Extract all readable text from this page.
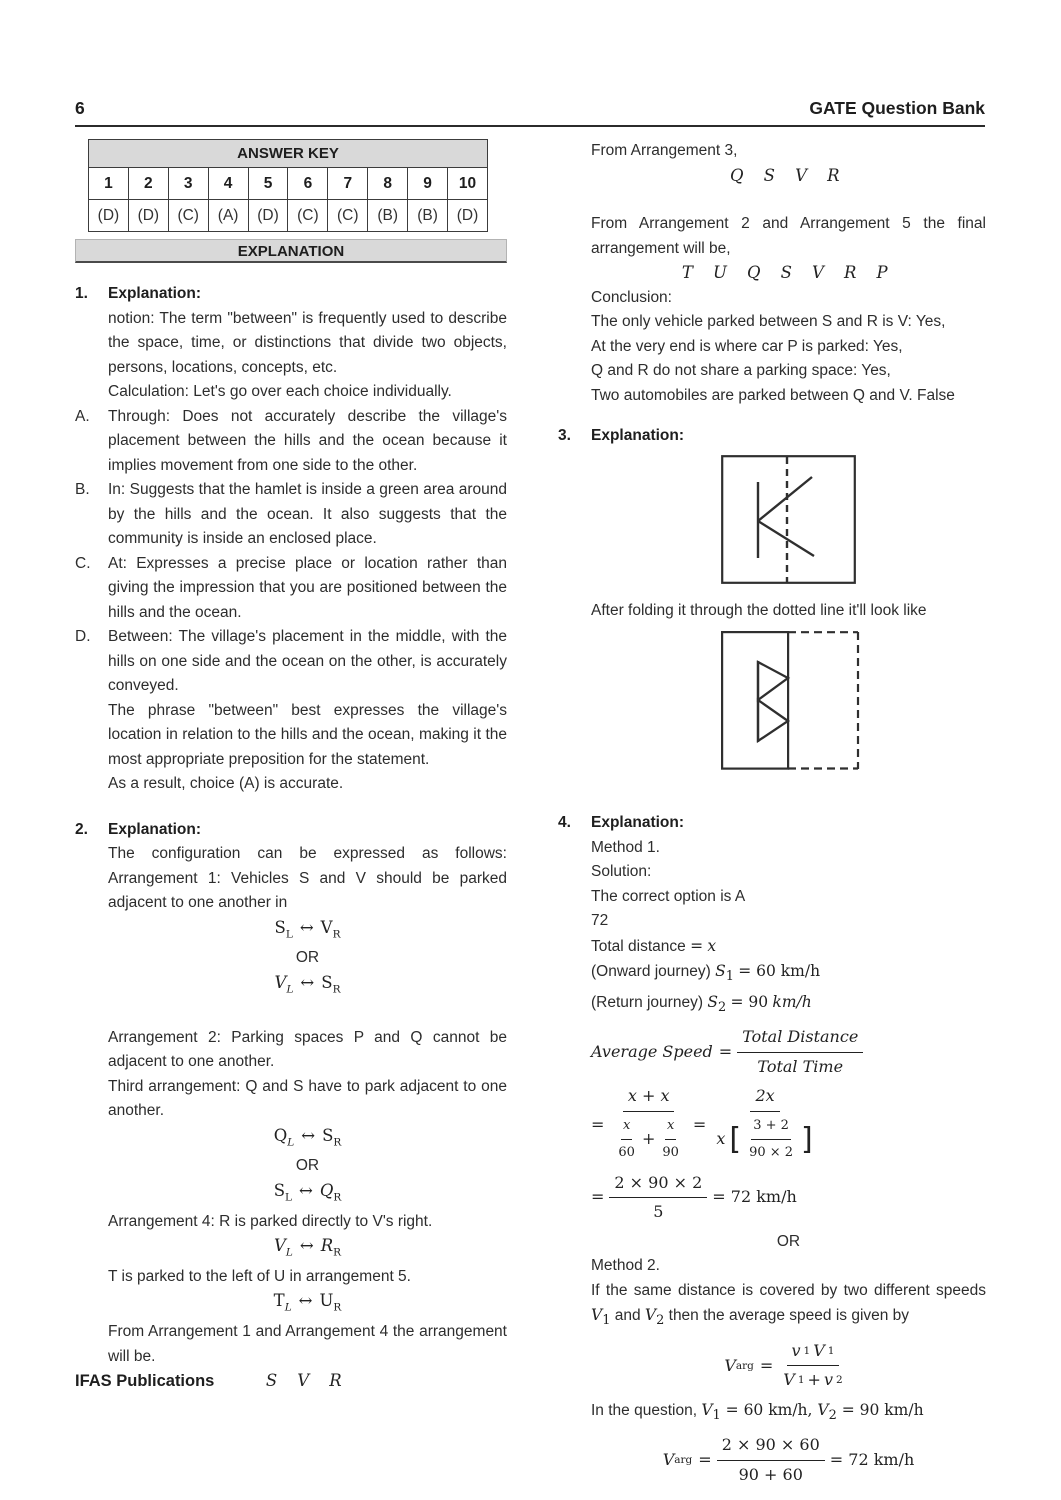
6	GATE Question Bank
ANSWER KEY									
1	2	3	4	5	6	7	8	9	10
(D)	(D)	(C)	(A)	(D)	(C)	(C)	(B)	(B)	(D)
EXPLANATION
1.	Explanation:
notion: The term "between" is frequently used to describe the space, time, or distinctions that divide two objects, persons, locations, concepts, etc.
Calculation: Let's go over each choice individually.
A.	Through: Does not accurately describe the village's placement between the hills and the ocean because it implies movement from one side to the other.
B.	In: Suggests that the hamlet is inside a green area around by the hills and the ocean. It also suggests that the community is inside an enclosed place.
C.	At: Expresses a precise place or location rather than giving the impression that you are positioned between the hills and the ocean.
D.	Between: The village's placement in the middle, with the hills on one side and the ocean on the other, is accurately conveyed.
The phrase "between" best expresses the village's location in relation to the hills and the ocean, making it the most appropriate preposition for the statement.
As a result, choice (A) is accurate.
2.	Explanation:
The configuration can be expressed as follows: Arrangement 1: Vehicles S and V should be parked adjacent to one another in
$S_L$ ↔ $V_R$
OR
$V_L$ ↔ $S_R$
Arrangement 2: Parking spaces P and Q cannot be adjacent to one another.
Third arrangement: Q and S have to park adjacent to one another.
$Q_L$ ↔ $S_R$
OR
$S_L$ ↔ $Q_R$
Arrangement 4: R is parked directly to V's right.
$V_L$ ↔ $R_R$
T is parked to the left of U in arrangement 5.
$T_L$ ↔ $U_R$
From Arrangement 1 and Arrangement 4 the arrangement will be.
S V R
From Arrangement 3,
Q S V R
From Arrangement 2 and Arrangement 5 the final arrangement will be,
T U Q S V R P
Conclusion:
The only vehicle parked between S and R is V: Yes,
At the very end is where car P is parked: Yes,
Q and R do not share a parking space: Yes,
Two automobiles are parked between Q and V. False
3.	Explanation:
After folding it through the dotted line it'll look like
4.	Explanation:
Method 1.
Solution:
The correct option is A
72
Total distance = x
(Onward journey) $S_1 = 60$ km/h
(Return journey) $S_2 = 90$ km/h
Average Speed = $\frac{\text{Total Distance}}{\text{Total Time}}$
= $\frac{x + x}{\frac{x}{60} + \frac{x}{90}} = \frac{2x}{x [ \frac{3 + 2}{90 \times 2} ]}$
= $\frac{2 \times 90 \times 2}{5} = 72$ km/h
OR
Method 2.
If the same distance is covered by two different speeds $V_1$ and $V_2$ then the average speed is given by
V arg = $\frac{v 1 V 1}{V 1 + v 2}$
In the question, $V_1 = 60$ km/h, $V_2 = 90$ km/h
V arg = $\frac{2 \times 90 \times 60}{90 + 60} = 72$ km/h
IFAS Publications
